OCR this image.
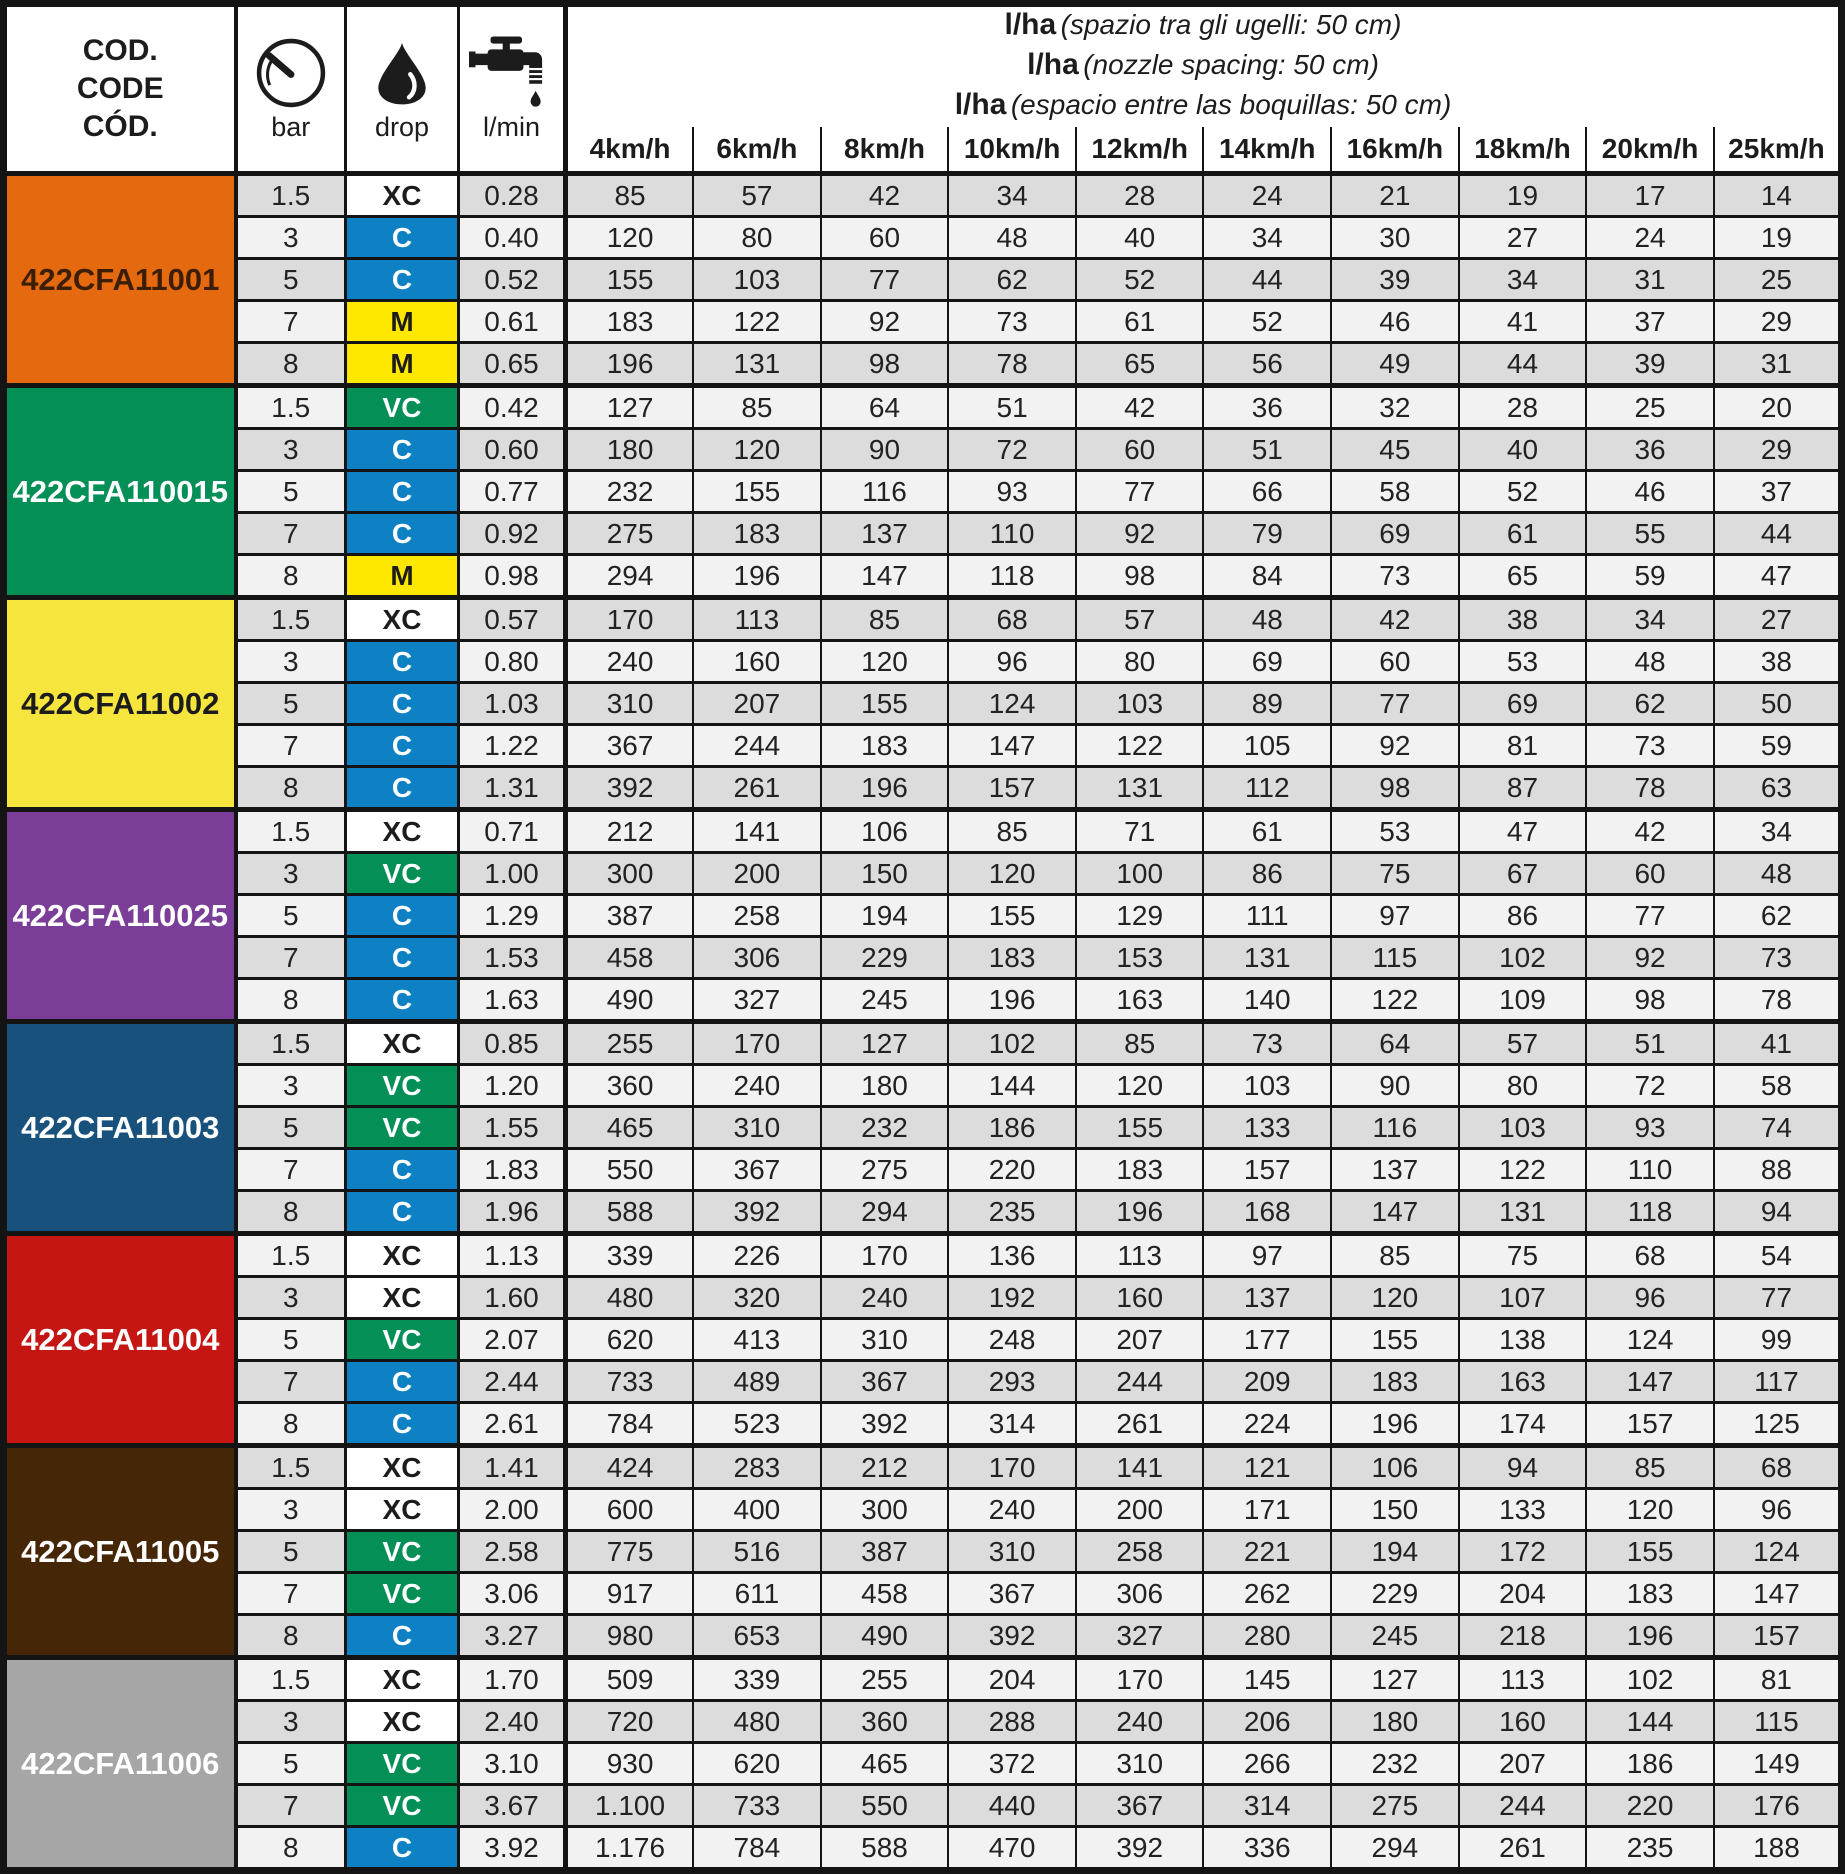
COD.
CODE
CÓD.	bar	drop	l/min

l/ha (spazio tra gli ugelli: 50 cm)
l/ha (nozzle spacing: 50 cm)
l/ha (espacio entre las boquillas: 50 cm)

				4km/h	6km/h	8km/h	10km/h	12km/h	14km/h	16km/h	18km/h	20km/h	25km/h
422CFA11001	1.5	XC	0.28	85	57	42	34	28	24	21	19	17	14
	3	C	0.40	120	80	60	48	40	34	30	27	24	19
	5	C	0.52	155	103	77	62	52	44	39	34	31	25
	7	M	0.61	183	122	92	73	61	52	46	41	37	29
	8	M	0.65	196	131	98	78	65	56	49	44	39	31
422CFA110015	1.5	VC	0.42	127	85	64	51	42	36	32	28	25	20
	3	C	0.60	180	120	90	72	60	51	45	40	36	29
	5	C	0.77	232	155	116	93	77	66	58	52	46	37
	7	C	0.92	275	183	137	110	92	79	69	61	55	44
	8	M	0.98	294	196	147	118	98	84	73	65	59	47
422CFA11002	1.5	XC	0.57	170	113	85	68	57	48	42	38	34	27
	3	C	0.80	240	160	120	96	80	69	60	53	48	38
	5	C	1.03	310	207	155	124	103	89	77	69	62	50
	7	C	1.22	367	244	183	147	122	105	92	81	73	59
	8	C	1.31	392	261	196	157	131	112	98	87	78	63
422CFA110025	1.5	XC	0.71	212	141	106	85	71	61	53	47	42	34
	3	VC	1.00	300	200	150	120	100	86	75	67	60	48
	5	C	1.29	387	258	194	155	129	111	97	86	77	62
	7	C	1.53	458	306	229	183	153	131	115	102	92	73
	8	C	1.63	490	327	245	196	163	140	122	109	98	78
422CFA11003	1.5	XC	0.85	255	170	127	102	85	73	64	57	51	41
	3	VC	1.20	360	240	180	144	120	103	90	80	72	58
	5	VC	1.55	465	310	232	186	155	133	116	103	93	74
	7	C	1.83	550	367	275	220	183	157	137	122	110	88
	8	C	1.96	588	392	294	235	196	168	147	131	118	94
422CFA11004	1.5	XC	1.13	339	226	170	136	113	97	85	75	68	54
	3	XC	1.60	480	320	240	192	160	137	120	107	96	77
	5	VC	2.07	620	413	310	248	207	177	155	138	124	99
	7	C	2.44	733	489	367	293	244	209	183	163	147	117
	8	C	2.61	784	523	392	314	261	224	196	174	157	125
422CFA11005	1.5	XC	1.41	424	283	212	170	141	121	106	94	85	68
	3	XC	2.00	600	400	300	240	200	171	150	133	120	96
	5	VC	2.58	775	516	387	310	258	221	194	172	155	124
	7	VC	3.06	917	611	458	367	306	262	229	204	183	147
	8	C	3.27	980	653	490	392	327	280	245	218	196	157
422CFA11006	1.5	XC	1.70	509	339	255	204	170	145	127	113	102	81
	3	XC	2.40	720	480	360	288	240	206	180	160	144	115
	5	VC	3.10	930	620	465	372	310	266	232	207	186	149
	7	VC	3.67	1.100	733	550	440	367	314	275	244	220	176
	8	C	3.92	1.176	784	588	470	392	336	294	261	235	188
